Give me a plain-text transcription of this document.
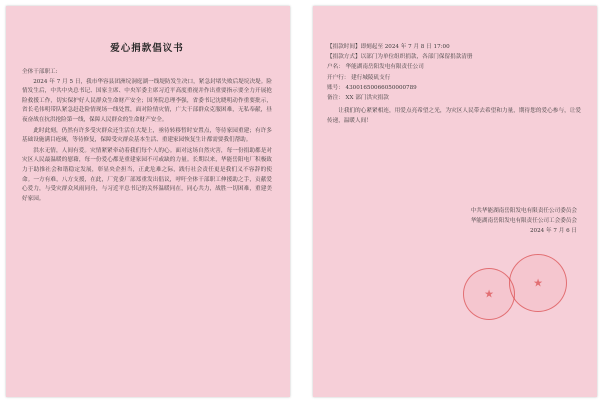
爱心捐款倡议书
全体干部职工:

2024 年 7 月 5 日，我市华容县团洲垸洞庭湖一线堤防发生决口，紧急封堵失败后堤垸决堤。险情发生后，中共中央总书记、国家主席、中央军委主席习近平高度重视并作出重要指示要全力开展抢险救援工作，切实保护好人民群众生命财产安全；国务院总理李强，省委书记沈晓明动作重要批示，省长毛伟明带队紧急赶赴险情现场一线处置，面对险情灾情，广大干部群众克服困难，无私奉献，昼夜奋战在抗洪抢险第一线，保障人民群众的生命财产安全。

此时此刻，仍然有许多受灾群众还生活在大堤上，亟待转移暂时安置点，等待家园重建；有许多基础设施满目疮痍，等待修复，保障受灾群众基本生活、重建家园恢复生计都需要我们帮助。

洪水无情，人间有爱。灾情紧紧牵动着我们每个人的心。面对这场自然灾害，每一份捐助都是对灾区人民最温暖的慰藉，每一份爱心都是重建家园不可或缺的力量。长期以来，华能岳阳电厂积极致力于助推社会和谐稳定发展，彰显央企担当，正此危难之际，践行社会责任更是我们义不容辞的使命。一方有难，八方支援，在此，厂党委厂部郑重发出倡议，呼吁全体干部职工伸援助之手，贡献爱心爱力，与受灾群众风雨同舟，与习近平总书记的关怀温暖同在，同心共力，战胜一切困难，重建美好家园。

【捐款时间】即刻起至 2024 年 7 月 8 日 17:00
【捐款方式】以部门为单位组织捐款，各部门保留捐款清册
户名： 华能湖南岳阳发电有限责任公司
开户行： 建行城陵矶支行
账号： 43001650066050000789
备注： XX 部门洪灾捐款

让我们的心紧紧相连，用爱点亮希望之光，为灾区人民带去希望和力量，期待您的爱心参与，让爱传递，温暖人间！

中共华能湖南岳阳发电有限责任公司委员会
华能湖南岳阳发电有限责任公司工会委员会
2024 年 7 月 6 日
★
★
